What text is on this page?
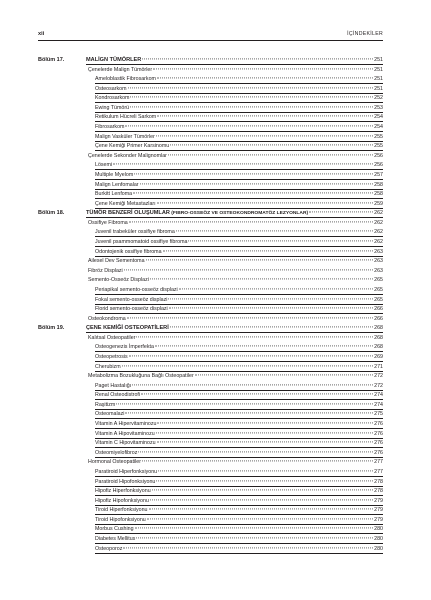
xii	İÇİNDEKİLER
Bölüm 17.	MALİGN TÜMÖRLER	251
Çenelerde Malign Tümörler	251
Ameloblastik Fibrosarkom	251
Osteosarkom	251
Kondrosarkom	252
Ewing Tümörü	253
Retikulum Hücreli Sarkom	254
Fibrosarkom	254
Malign Vasküler Tümörler	255
Çene Kemiği Primer Karsinomu	255
Çenelerde Sekonder Malignomlar	256
Lösemi	256
Multiple Myelom	257
Malign Lenfomalar	258
Burkitt Lenfoma	258
Çene Kemiği Metastazları	259
Bölüm 18.	TÜMÖR BENZERİ OLUŞUMLAR (FIBRO-OSSEÖZ VE OSTEOKONDROMATÖZ LEZYONLAR)	262
Ossifiye Fibroma	262
Juvenil trabeküler ossifiye fibroma	262
Juvenil psammomatoid ossifiye fibroma	262
Odontojenik ossifiye fibroma	263
Ailesel Dev Sementoma	263
Fibröz Displazi	263
Semento-Osseöz Displazi	265
Periapikal semento-osseöz displazi	265
Fokal semento-osseöz displazi	265
Florid semento-osseöz displazi	266
Osteokondroma	266
Bölüm 19.	ÇENE KEMİĞİ OSTEOPATİLERİ	268
Kalıtsal Osteopatiler	268
Osteogenezis İmperfekta	268
Osteopetrosis	269
Cherubizm	271
Metabolizma Bozukluğuna Bağlı Osteopatiler	272
Paget Hastalığı	272
Renal Osteodistrofi	274
Raşitizm	274
Osteomalazi	275
Vitamin A Hipervitaminozu	276
Vitamin A Hipovitaminozu	276
Vitamin C Hipovitaminozu	276
Osteomiyelofibroz	276
Hormonal Osteopatiler	277
Paratiroid Hiperfonksiyonu	277
Paratiroid Hipofonksiyonu	278
Hipofiz Hiperfonksiyonu	278
Hipofiz Hipofonksiyonu	279
Tiroid Hiperfonksiyonu	279
Tiroid Hipofonksiyonu	279
Morbus Cushing	280
Diabetes Mellitus	280
Osteoporoz	280
